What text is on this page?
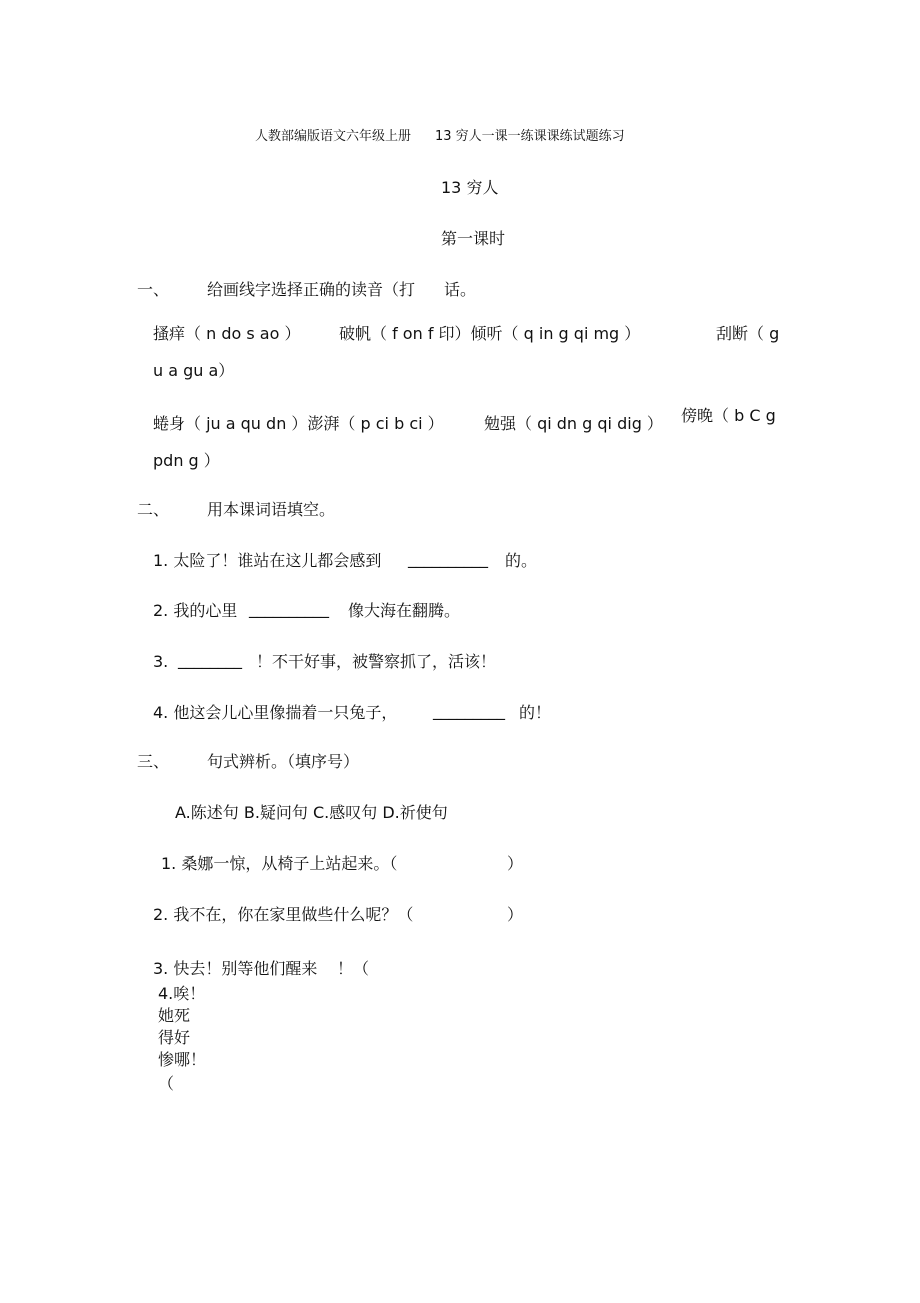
人教部编版语文六年级上册 13 穷人一课一练课课练试题练习
13 穷人
第一课时
一、 给画线字选择正确的读音（打 话。
搔痒（ n do s ao ） 破帆（ f on f 印）倾听（ q in g qi mg ）	刮断（ g
u a gu a）
蜷身（ ju a qu dn ）澎湃（ p ci b ci ）	勉强（ qi dn g qi dig ） 傍晚（ b C g
pdn g ）
二、 用本课词语填空。
1. 太险了！谁站在这儿都会感到 __________ 的。
2. 我的心里 __________ 像大海在翻腾。
3. ________ ！不干好事，被警察抓了，活该！
4. 他这会儿心里像揣着一只兔子， _________ 的！
三、 句式辨析。（填序号）
A.陈述句 B.疑问句 C.感叹句 D.祈使句
1. 桑娜一惊，从椅子上站起来。（	）
2. 我不在，你在家里做些什么呢？（	）
3. 快去！别等他们醒来 ！（
4.唉！
她死
得好
惨哪！
（
